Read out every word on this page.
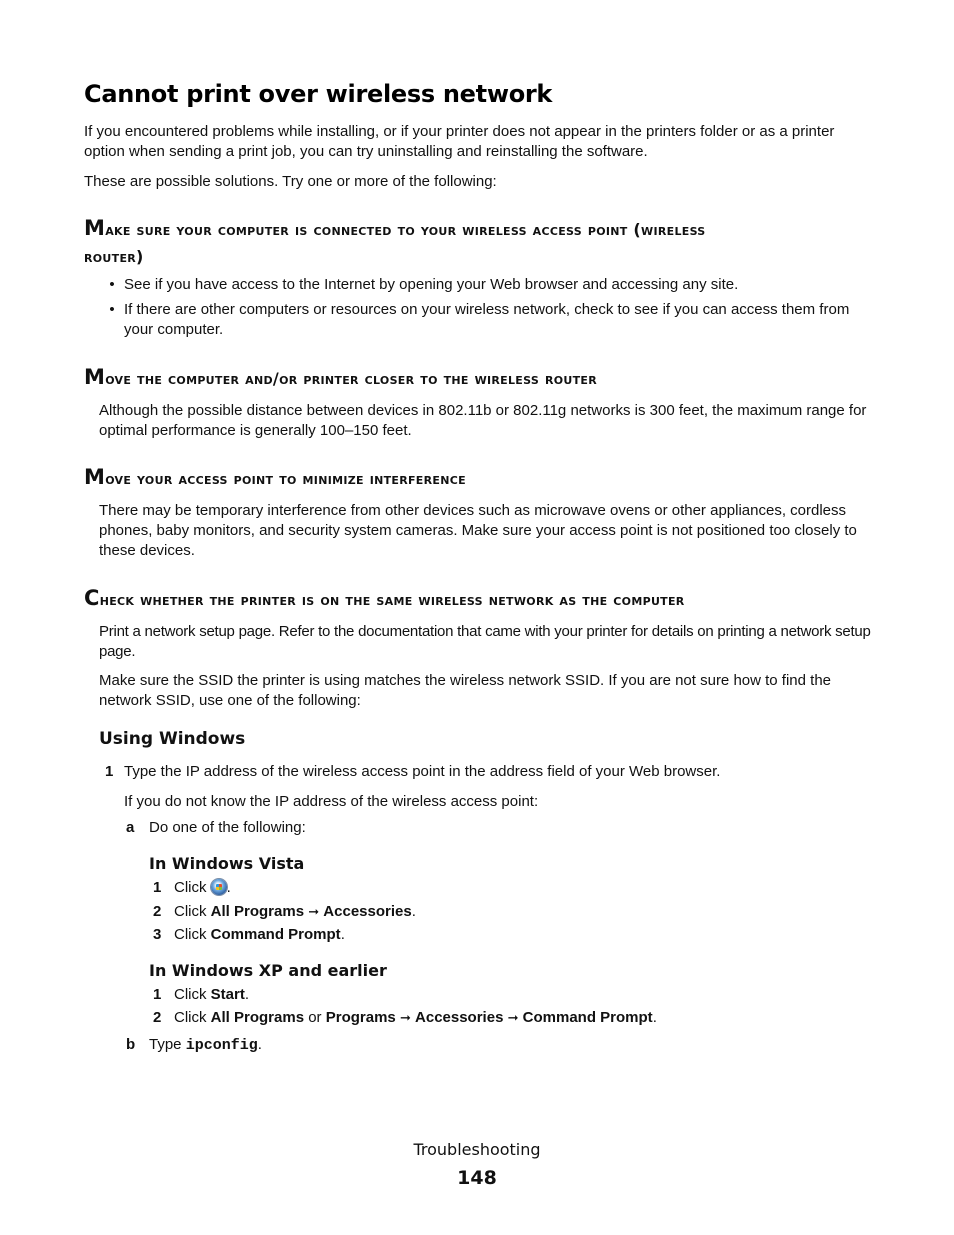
Cannot print over wireless network

If you encountered problems while installing, or if your printer does not appear in the printers folder or as a printer option when sending a print job, you can try uninstalling and reinstalling the software.

These are possible solutions. Try one or more of the following:

Make sure your computer is connected to your wireless access point (wireless
router)
• See if you have access to the Internet by opening your Web browser and accessing any site.

• If there are other computers or resources on your wireless network, check to see if you can access them from your computer.

Move the computer and/or printer closer to the wireless router

Although the possible distance between devices in 802.11b or 802.11g networks is 300 feet, the maximum range for optimal performance is generally 100–150 feet.

Move your access point to minimize interference

There may be temporary interference from other devices such as microwave ovens or other appliances, cordless phones, baby monitors, and security system cameras. Make sure your access point is not positioned too closely to these devices.

Check whether the printer is on the same wireless network as the computer

Print a network setup page. Refer to the documentation that came with your printer for details on printing a network setup page.

Make sure the SSID the printer is using matches the wireless network SSID. If you are not sure how to find the network SSID, use one of the following:

Using Windows
1 Type the IP address of the wireless access point in the address field of your Web browser.

If you do not know the IP address of the wireless access point:

a Do one of the following:

In Windows Vista
1 Click .

2 Click All Programs ➞ Accessories.

3 Click Command Prompt.

In Windows XP and earlier
1 Click Start.

2 Click All Programs or Programs ➞ Accessories ➞ Command Prompt.

b Type ipconfig.

Troubleshooting
148
